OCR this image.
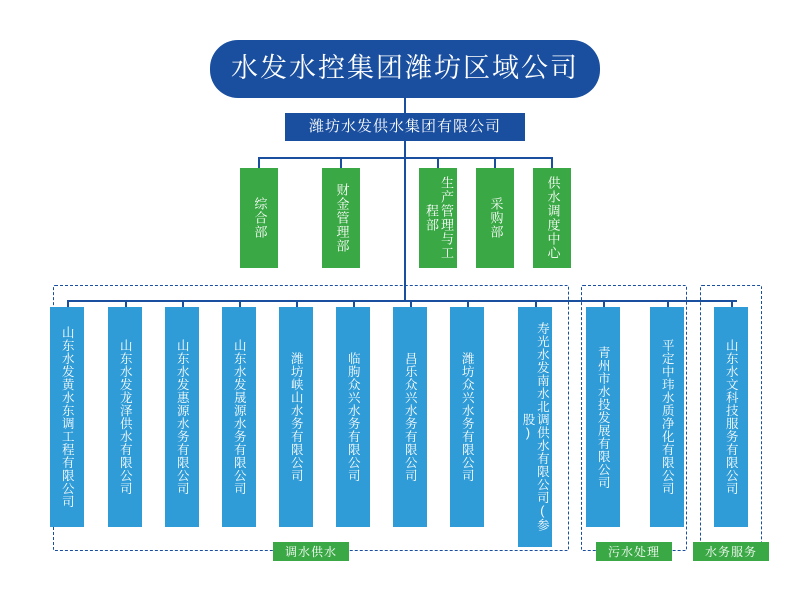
水发水控集团潍坊区域公司
潍坊水发供水集团有限公司
综合部	财金管理部	生产管理与工程部	采购部	供水调度中心
山东水发黄水东调工程有限公司	山东水发龙泽供水有限公司	山东水发惠源水务有限公司	山东水发晟源水务有限公司	潍坊峡山水务有限公司	临朐众兴水务有限公司	昌乐众兴水务有限公司	潍坊众兴水务有限公司	寿光水发南水北调供水有限公司(参股)	青州市水投发展有限公司	平定中玮水质净化有限公司	山东水文科技服务有限公司
调水供水	污水处理	水务服务
